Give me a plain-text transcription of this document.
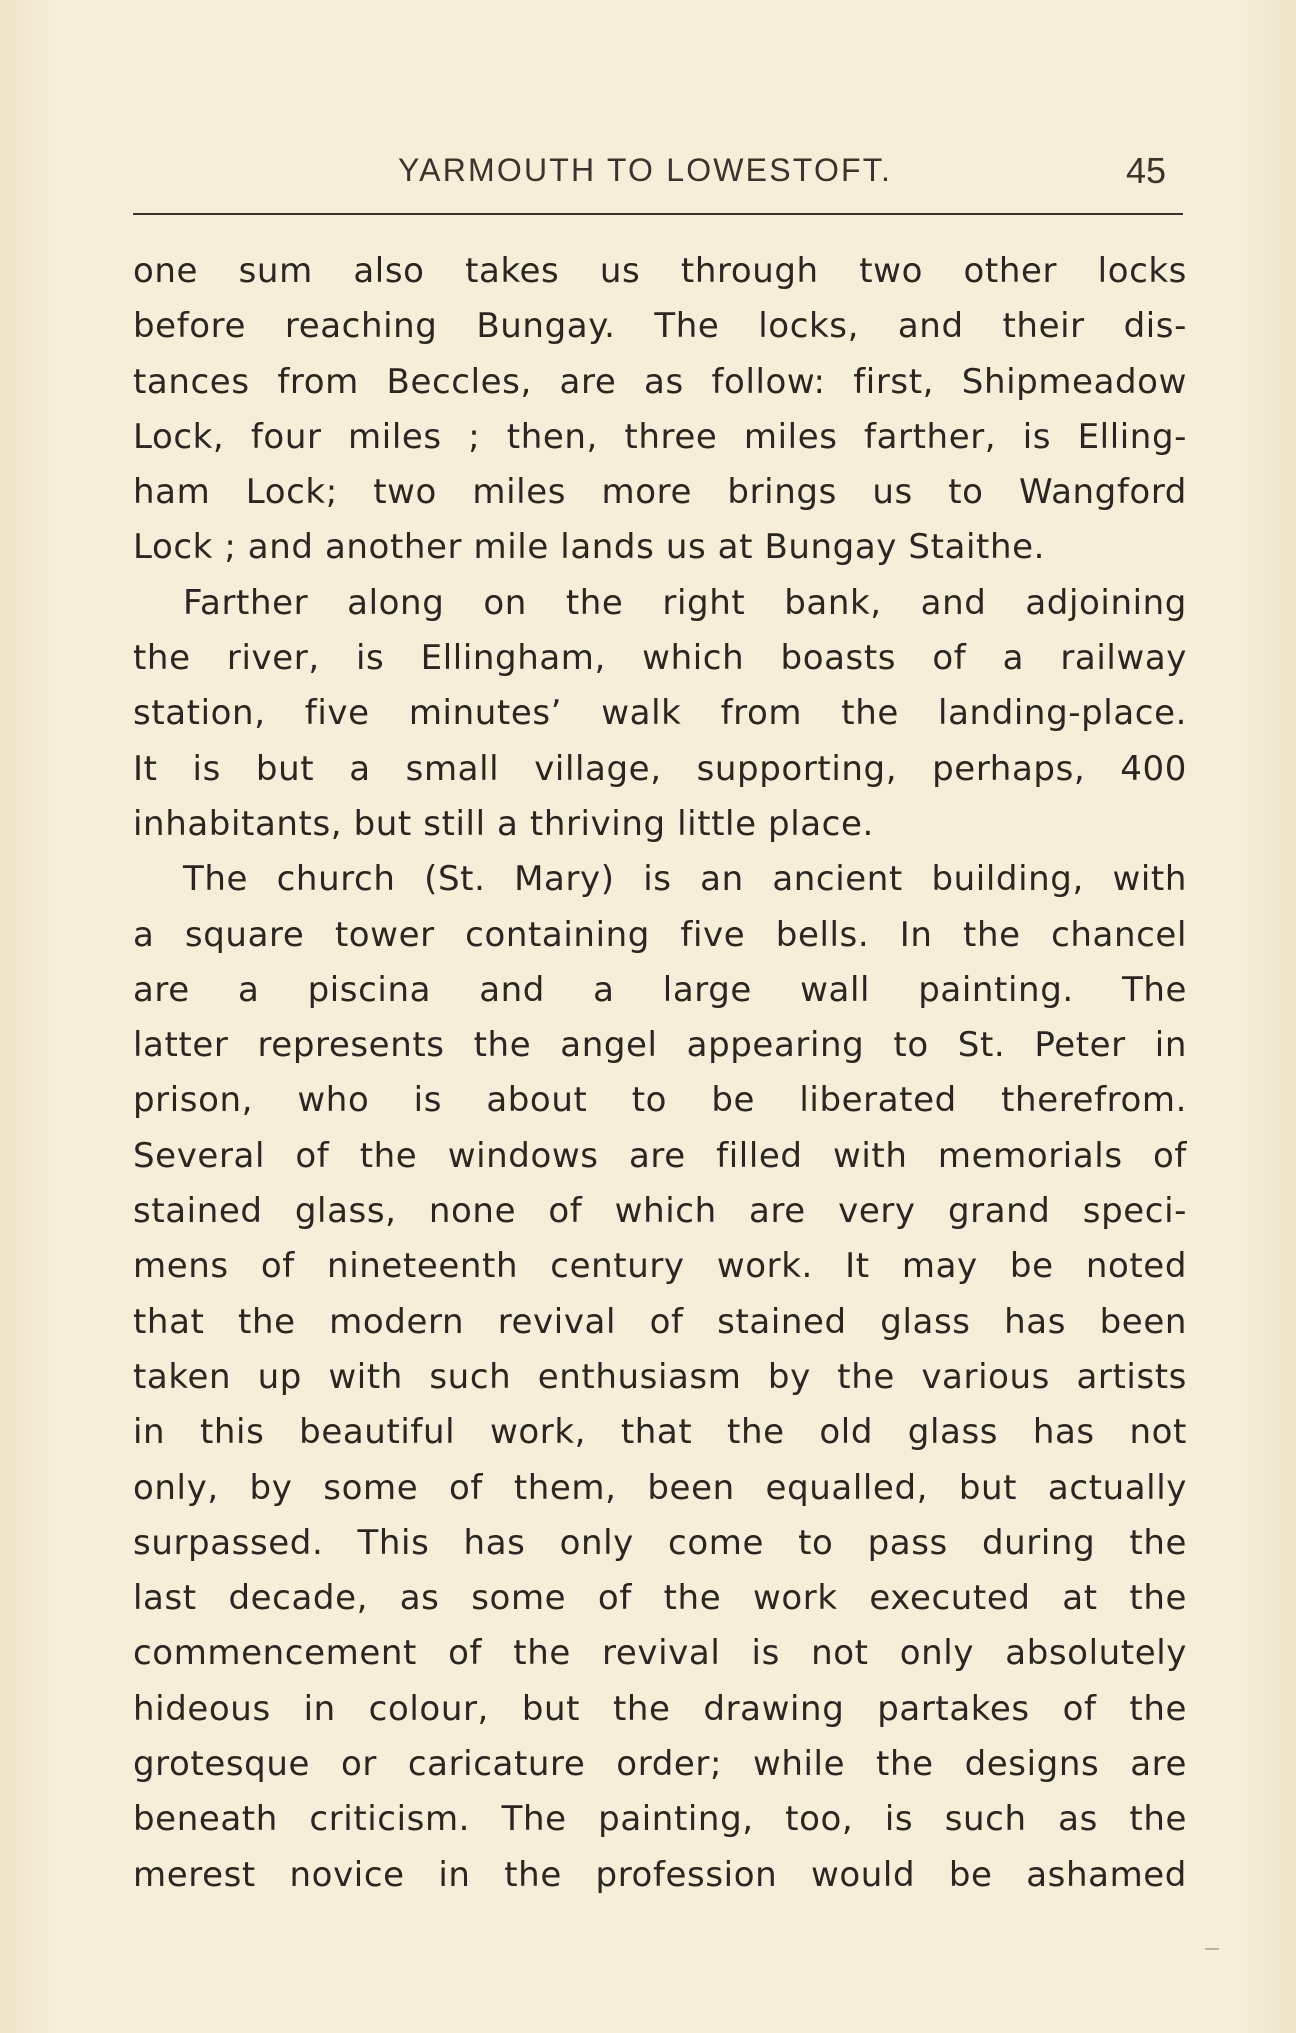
YARMOUTH TO LOWESTOFT.	45
one sum also takes us through two other locks
before reaching Bungay. The locks, and their dis-
tances from Beccles, are as follow: first, Shipmeadow
Lock, four miles ; then, three miles farther, is Elling-
ham Lock; two miles more brings us to Wangford
Lock ; and another mile lands us at Bungay Staithe.
Farther along on the right bank, and adjoining
the river, is Ellingham, which boasts of a railway
station, five minutes’ walk from the landing-place.
It is but a small village, supporting, perhaps, 400
inhabitants, but still a thriving little place.
The church (St. Mary) is an ancient building, with
a square tower containing five bells. In the chancel
are a piscina and a large wall painting. The
latter represents the angel appearing to St. Peter in
prison, who is about to be liberated therefrom.
Several of the windows are filled with memorials of
stained glass, none of which are very grand speci-
mens of nineteenth century work. It may be noted
that the modern revival of stained glass has been
taken up with such enthusiasm by the various artists
in this beautiful work, that the old glass has not
only, by some of them, been equalled, but actually
surpassed. This has only come to pass during the
last decade, as some of the work executed at the
commencement of the revival is not only absolutely
hideous in colour, but the drawing partakes of the
grotesque or caricature order; while the designs are
beneath criticism. The painting, too, is such as the
merest novice in the profession would be ashamed
